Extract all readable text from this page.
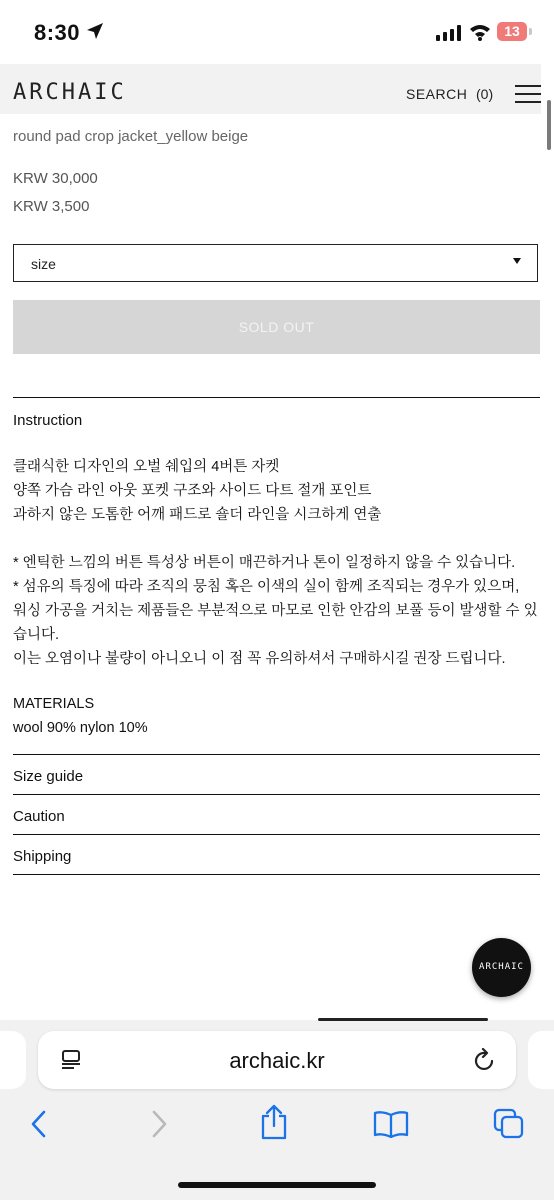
8:30	13
ARCHAIC	SEARCH (0)
round pad crop jacket_yellow beige
KRW 30,000
KRW 3,500
size
SOLD OUT
Instruction
클래식한 디자인의 오벌 쉐입의 4버튼 자켓
양쪽 가슴 라인 아웃 포켓 구조와 사이드 다트 절개 포인트
과하지 않은 도톰한 어깨 패드로 숄더 라인을 시크하게 연출
* 엔틱한 느낌의 버튼 특성상 버튼이 매끈하거나 톤이 일정하지 않을 수 있습니다.
* 섬유의 특징에 따라 조직의 뭉침 혹은 이색의 실이 함께 조직되는 경우가 있으며,
워싱 가공을 거치는 제품들은 부분적으로 마모로 인한 안감의 보풀 등이 발생할 수 있
습니다.
이는 오염이나 불량이 아니오니 이 점 꼭 유의하셔서 구매하시길 권장 드립니다.
MATERIALS
wool 90% nylon 10%
Size guide
Caution
Shipping
ARCHAIC
archaic.kr
